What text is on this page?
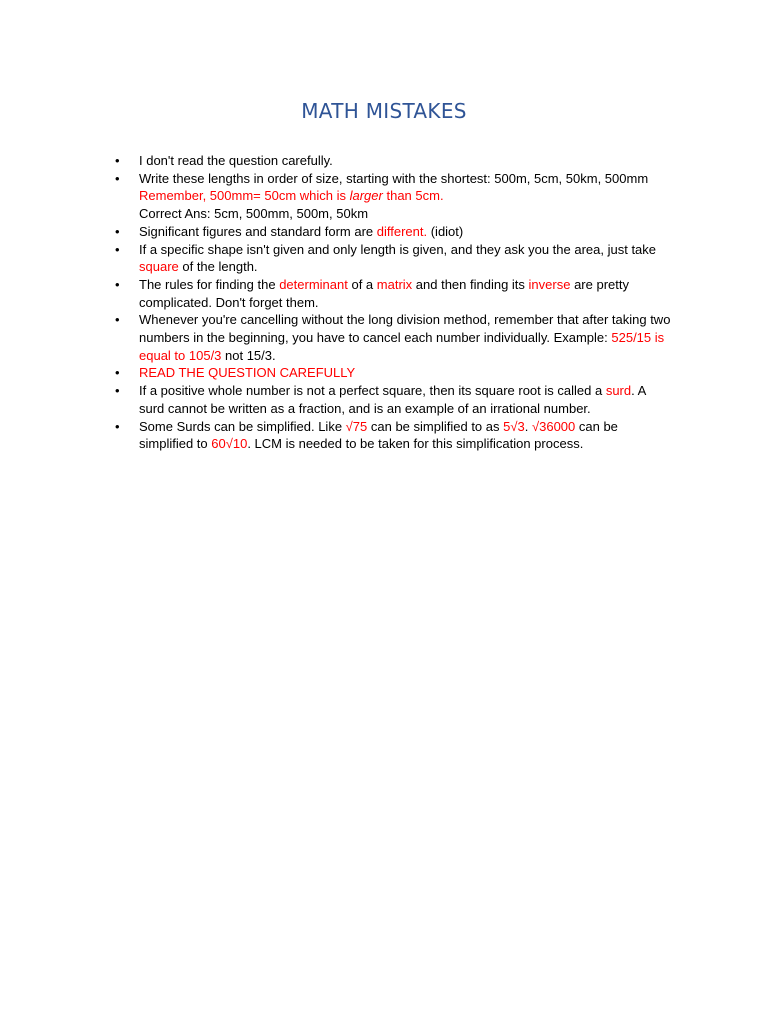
MATH MISTAKES
• I don't read the question carefully.
• Write these lengths in order of size, starting with the shortest: 500m, 5cm, 50km, 500mm
Remember, 500mm= 50cm which is larger than 5cm.
Correct Ans: 5cm, 500mm, 500m, 50km
• Significant figures and standard form are different. (idiot)
• If a specific shape isn't given and only length is given, and they ask you the area, just take square of the length.
• The rules for finding the determinant of a matrix and then finding its inverse are pretty complicated. Don't forget them.
• Whenever you're cancelling without the long division method, remember that after taking two numbers in the beginning, you have to cancel each number individually. Example: 525/15 is equal to 105/3 not 15/3.
• READ THE QUESTION CAREFULLY
• If a positive whole number is not a perfect square, then its square root is called a surd. A surd cannot be written as a fraction, and is an example of an irrational number.
• Some Surds can be simplified. Like √75 can be simplified to as 5√3. √36000 can be simplified to 60√10. LCM is needed to be taken for this simplification process.
